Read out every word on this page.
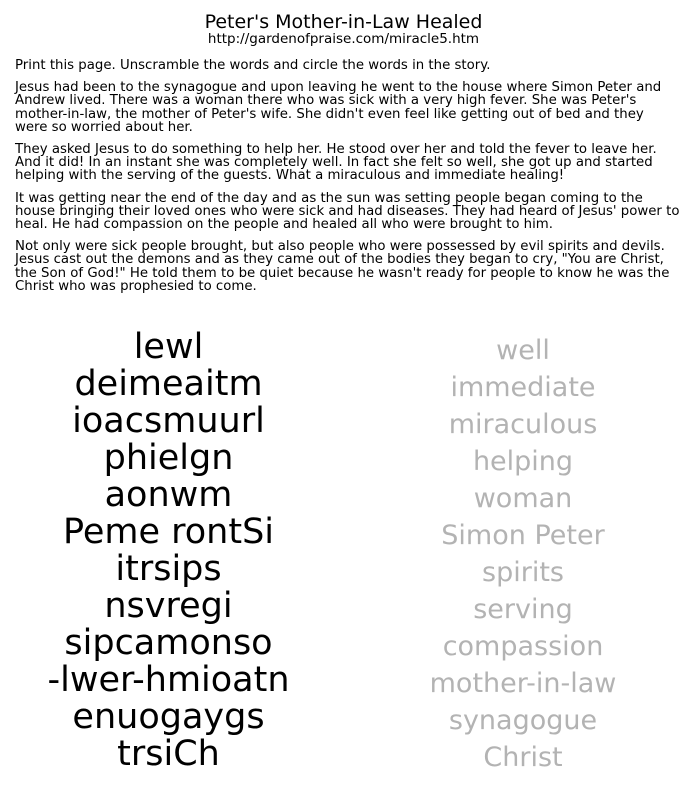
Peter's Mother-in-Law Healed
http://gardenofpraise.com/miracle5.htm

Print this page. Unscramble the words and circle the words in the story.

Jesus had been to the synagogue and upon leaving he went to the house where Simon Peter and Andrew lived. There was a woman there who was sick with a very high fever. She was Peter's mother-in-law, the mother of Peter's wife. She didn't even feel like getting out of bed and they were so worried about her.

They asked Jesus to do something to help her. He stood over her and told the fever to leave her. And it did! In an instant she was completely well. In fact she felt so well, she got up and started helping with the serving of the guests. What a miraculous and immediate healing!

It was getting near the end of the day and as the sun was setting people began coming to the house bringing their loved ones who were sick and had diseases. They had heard of Jesus' power to heal. He had compassion on the people and healed all who were brought to him.

Not only were sick people brought, but also people who were possessed by evil spirits and devils. Jesus cast out the demons and as they came out of the bodies they began to cry, "You are Christ, the Son of God!" He told them to be quiet because he wasn't ready for people to know he was the Christ who was prophesied to come.

lewl	well
deimeaitm	immediate
ioacsmuurl	miraculous
phielgn	helping
aonwm	woman
Peme rontSi	Simon Peter
itrsips	spirits
nsvregi	serving
sipcamonso	compassion
-lwer-hmioatn	mother-in-law
enuogaygs	synagogue
trsiCh	Christ
